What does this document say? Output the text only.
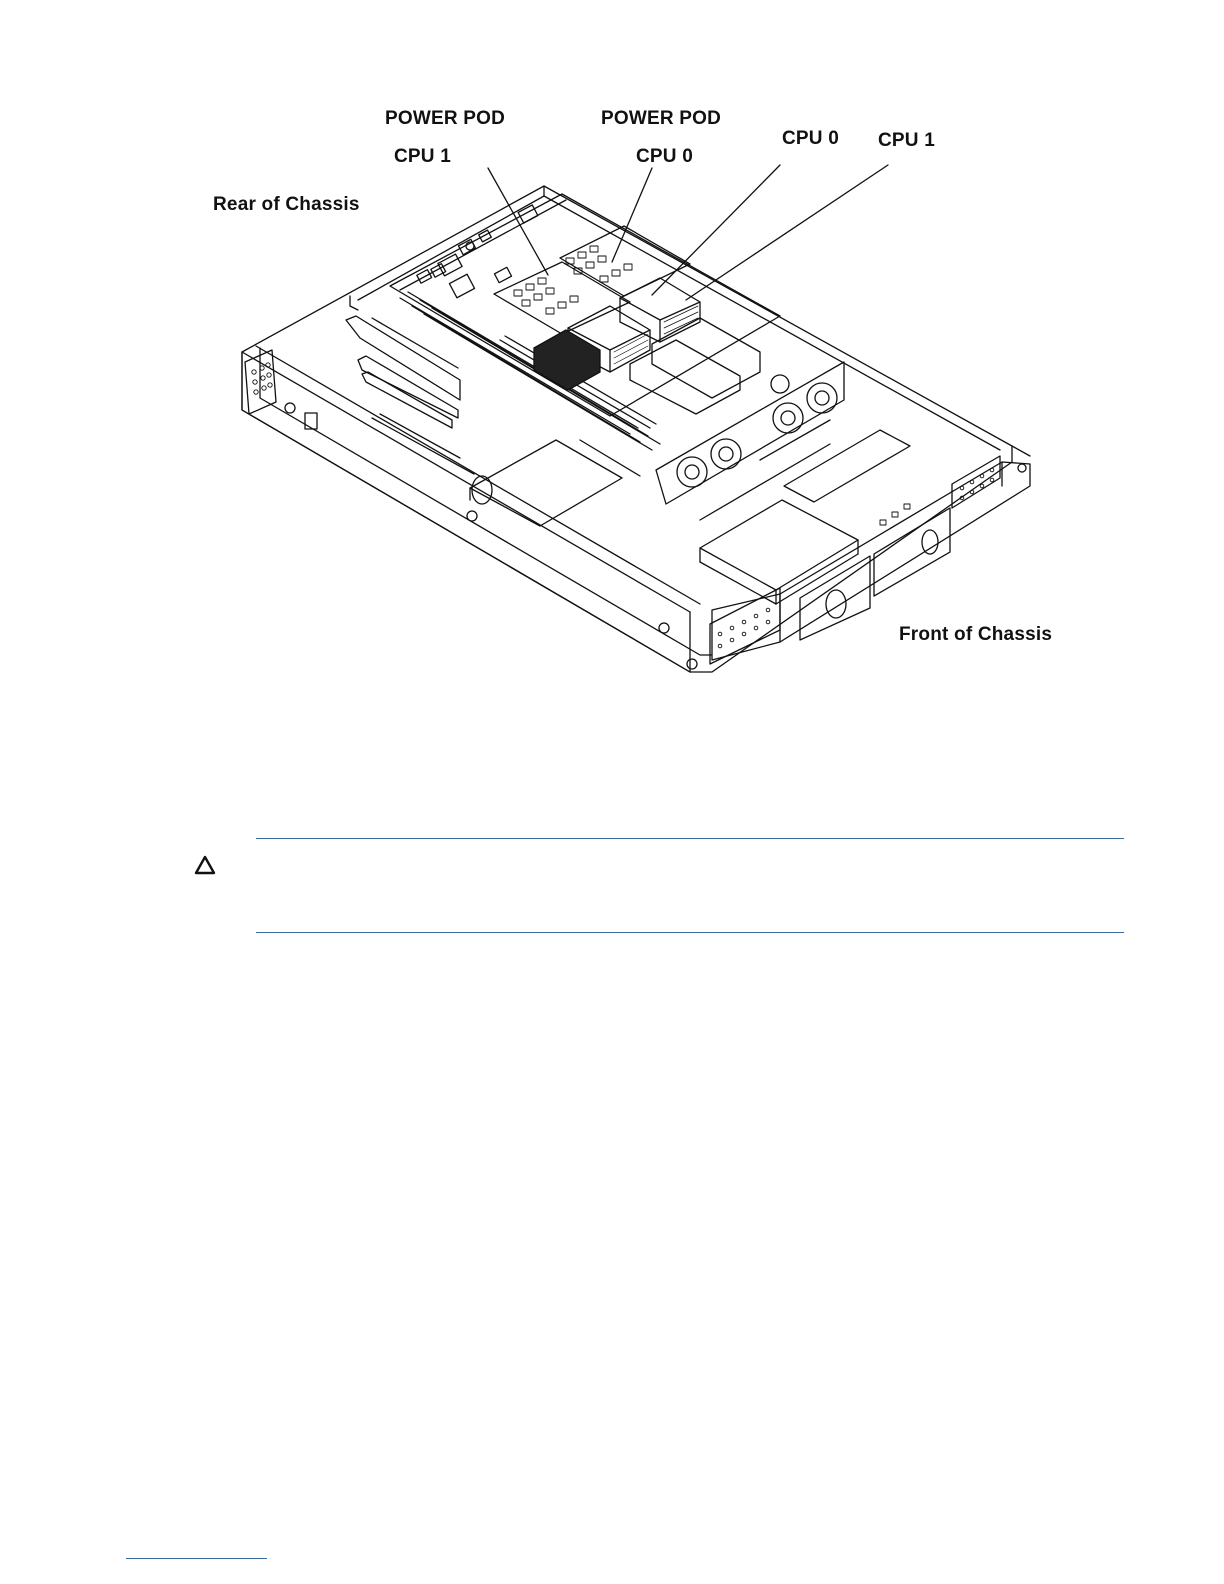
POWER POD
CPU 1
POWER POD
CPU 0
CPU 0 CPU 1
Rear of Chassis
Front of Chassis
